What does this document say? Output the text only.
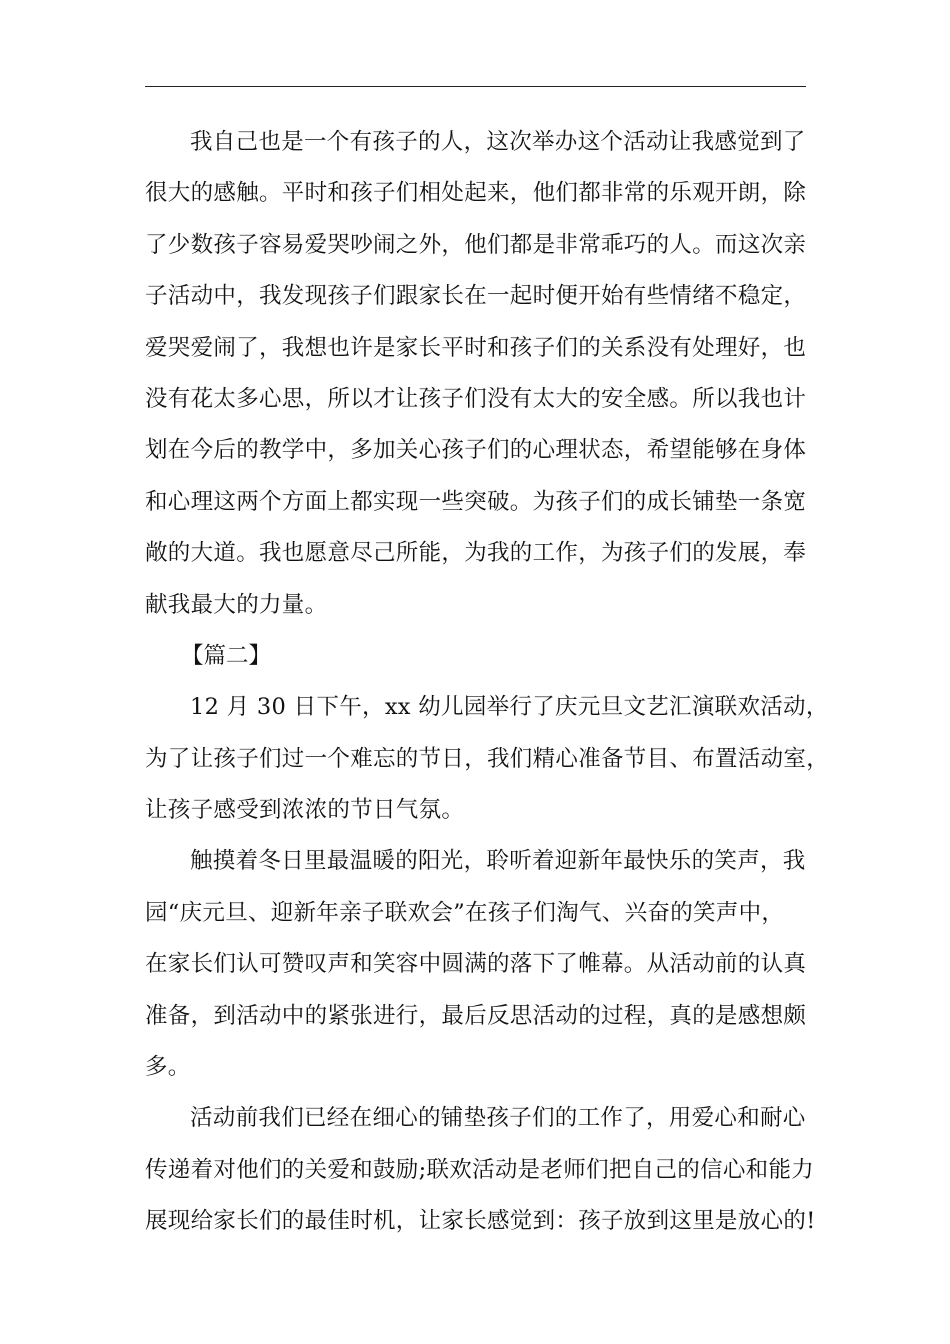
我自己也是一个有孩子的人，这次举办这个活动让我感觉到了
很大的感触。平时和孩子们相处起来，他们都非常的乐观开朗，除
了少数孩子容易爱哭吵闹之外，他们都是非常乖巧的人。而这次亲
子活动中，我发现孩子们跟家长在一起时便开始有些情绪不稳定，
爱哭爱闹了，我想也许是家长平时和孩子们的关系没有处理好，也
没有花太多心思，所以才让孩子们没有太大的安全感。所以我也计
划在今后的教学中，多加关心孩子们的心理状态，希望能够在身体
和心理这两个方面上都实现一些突破。为孩子们的成长铺垫一条宽
敞的大道。我也愿意尽己所能，为我的工作，为孩子们的发展，奉
献我最大的力量。
【篇二】
12 月 30 日下午，xx 幼儿园举行了庆元旦文艺汇演联欢活动，
为了让孩子们过一个难忘的节日，我们精心准备节目、布置活动室，
让孩子感受到浓浓的节日气氛。
触摸着冬日里最温暖的阳光，聆听着迎新年最快乐的笑声，我
园“庆元旦、迎新年亲子联欢会”在孩子们淘气、兴奋的笑声中，
在家长们认可赞叹声和笑容中圆满的落下了帷幕。从活动前的认真
准备，到活动中的紧张进行，最后反思活动的过程，真的是感想颇
多。
活动前我们已经在细心的铺垫孩子们的工作了，用爱心和耐心
传递着对他们的关爱和鼓励;联欢活动是老师们把自己的信心和能力
展现给家长们的最佳时机，让家长感觉到：孩子放到这里是放心的!
